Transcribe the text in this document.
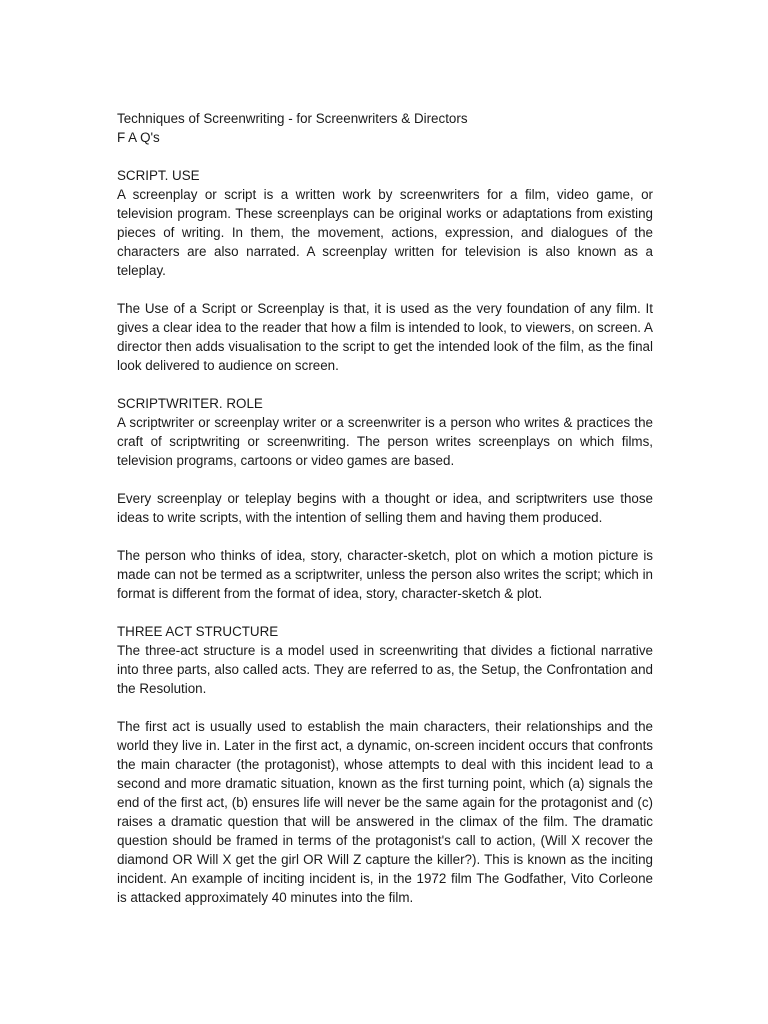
Techniques of Screenwriting - for Screenwriters & Directors

F A Q's

SCRIPT. USE

A screenplay or script is a written work by screenwriters for a film, video game, or television program. These screenplays can be original works or adaptations from existing pieces of writing. In them, the movement, actions, expression, and dialogues of the characters are also narrated. A screenplay written for television is also known as a teleplay.

The Use of a Script or Screenplay is that, it is used as the very foundation of any film. It gives a clear idea to the reader that how a film is intended to look, to viewers, on screen. A director then adds visualisation to the script to get the intended look of the film, as the final look delivered to audience on screen.

SCRIPTWRITER. ROLE

A scriptwriter or screenplay writer or a screenwriter is a person who writes & practices the craft of scriptwriting or screenwriting. The person writes screenplays on which films, television programs, cartoons or video games are based.

Every screenplay or teleplay begins with a thought or idea, and scriptwriters use those ideas to write scripts, with the intention of selling them and having them produced.

The person who thinks of idea, story, character-sketch, plot on which a motion picture is made can not be termed as a scriptwriter, unless the person also writes the script; which in format is different from the format of idea, story, character-sketch & plot.

THREE ACT STRUCTURE

The three-act structure is a model used in screenwriting that divides a fictional narrative into three parts, also called acts. They are referred to as, the Setup, the Confrontation and the Resolution.

The first act is usually used to establish the main characters, their relationships and the world they live in. Later in the first act, a dynamic, on-screen incident occurs that confronts the main character (the protagonist), whose attempts to deal with this incident lead to a second and more dramatic situation, known as the first turning point, which (a) signals the end of the first act, (b) ensures life will never be the same again for the protagonist and (c) raises a dramatic question that will be answered in the climax of the film. The dramatic question should be framed in terms of the protagonist's call to action, (Will X recover the diamond OR Will X get the girl OR Will Z capture the killer?). This is known as the inciting incident. An example of inciting incident is, in the 1972 film The Godfather, Vito Corleone is attacked approximately 40 minutes into the film.
